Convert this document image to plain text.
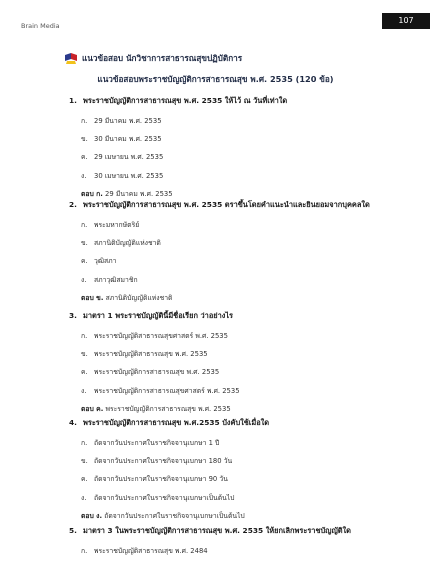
Brain Media
107
แนวข้อสอบ นักวิชาการสาธารณสุขปฏิบัติการ
แนวข้อสอบพระราชบัญญัติการสาธารณสุข พ.ศ. 2535 (120 ข้อ)
1. พระราชบัญญัติการสาธารณสุข พ.ศ. 2535 ให้ไว้ ณ วันที่เท่าใด
ก. 29 มีนาคม พ.ศ. 2535
ข. 30 มีนาคม พ.ศ. 2535
ค. 29 เมษายน พ.ศ. 2535
ง. 30 เมษายน พ.ศ. 2535
ตอบ ก. 29 มีนาคม พ.ศ. 2535
2. พระราชบัญญัติการสาธารณสุข พ.ศ. 2535 ตราขึ้นโดยคำแนะนำและยินยอมจากบุคคลใด
ก. พระมหากษัตริย์
ข. สภานิติบัญญัติแห่งชาติ
ค. วุฒิสภา
ง. สภาวุฒิสมาชิก
ตอบ ข. สภานิติบัญญัติแห่งชาติ
3. มาตรา 1 พระราชบัญญัตินี้มีชื่อเรียก ว่าอย่างไร
ก. พระราชบัญญัติสาธารณสุขศาสตร์ พ.ศ. 2535
ข. พระราชบัญญัติสาธารณสุข พ.ศ. 2535
ค. พระราชบัญญัติการสาธารณสุข พ.ศ. 2535
ง. พระราชบัญญัติการสาธารณสุขศาสตร์ พ.ศ. 2535
ตอบ ค. พระราชบัญญัติการสาธารณสุข พ.ศ. 2535
4. พระราชบัญญัติการสาธารณสุข พ.ศ.2535 บังคับใช้เมื่อใด
ก. ถัดจากวันประกาศในราชกิจจานุเบกษา 1 ปี
ข. ถัดจากวันประกาศในราชกิจจานุเบกษา 180 วัน
ค. ถัดจากวันประกาศในราชกิจจานุเบกษา 90 วัน
ง. ถัดจากวันประกาศในราชกิจจานุเบกษาเป็นต้นไป
ตอบ ง. ถัดจากวันประกาศในราชกิจจานุเบกษาเป็นต้นไป
5. มาตรา 3 ในพระราชบัญญัติการสาธารณสุข พ.ศ. 2535 ให้ยกเลิกพระราชบัญญัติใด
ก. พระราชบัญญัติสาธารณสุข พ.ศ. 2484
